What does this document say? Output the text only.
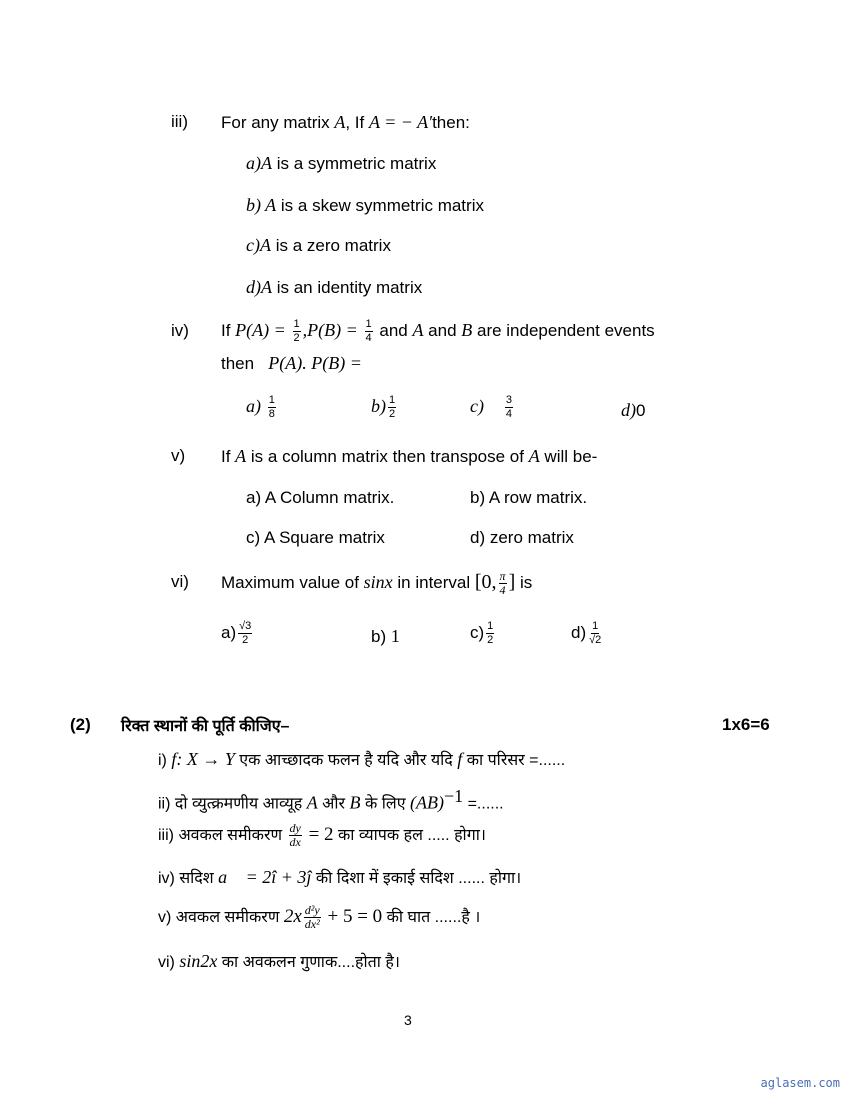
iii) For any matrix A, If A = − A′then:
a)A is a symmetric matrix
b) A is a skew symmetric matrix
c)A is a zero matrix
d)A is an identity matrix
iv) If $P(A) = \frac{1}{2} ,P(B) = \frac{1}{4}$ and A and B are independent events
then P(A). P(B) =
$a) \frac{1}{8}$	$b) \frac{1}{2}$	$c) \frac{3}{4}$	d)0
v) If A is a column matrix then transpose of A will be-
a) A Column matrix.	b) A row matrix.
c) A Square matrix	d) zero matrix
vi) Maximum value of sinx in interval [0, $\frac{\pi}{4}$ ] is
$a) \frac{√3}{2}$	b) 1	$c) \frac{1}{2}$	$d) \frac{1}{√2}$
(2) रिक्त स्थानों की पूर्ति कीजिए–	1x6=6
i) f: X → Y एक आच्छादक फलन है यदि और यदि f का परिसर =......
ii) दो व्युत्क्रमणीय आव्यूह A और B के लिए (AB)$^{-1}$ =......
iii) अवकल समीकरण $\frac{dy}{dx} = 2$ का व्यापक हल ..... होगा।
iv) सदिश a⃗ = 2î + 3ĵ की दिशा में इकाई सदिश ...... होगा।
v) अवकल समीकरण $2x \frac{\text{d²y}}{\text{dx²}} + 5 = 0$ की घात ......है ।
vi) sin2x का अवकलन गुणाक....होता है।
3
aglasem.com
